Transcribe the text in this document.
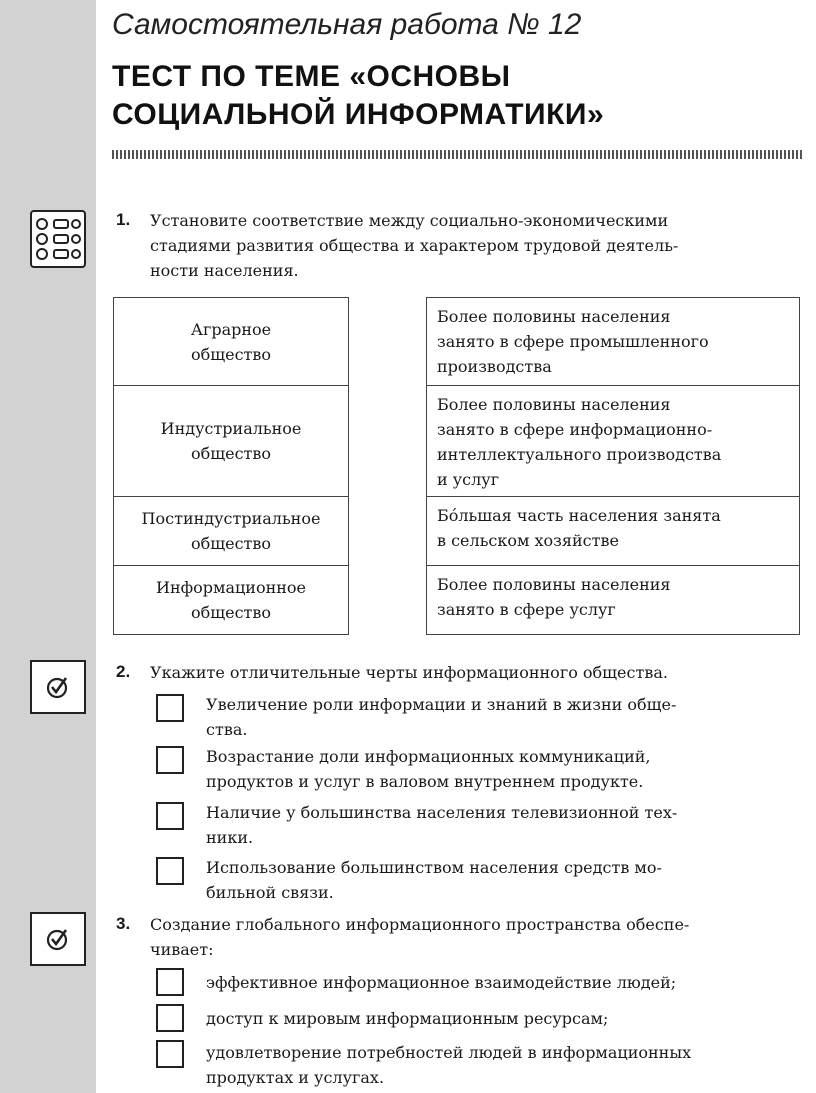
Самостоятельная работа № 12
ТЕСТ ПО ТЕМЕ «ОСНОВЫ
СОЦИАЛЬНОЙ ИНФОРМАТИКИ»
1. Установите соответствие между социально-экономическими
стадиями развития общества и характером трудовой деятель-
ности населения.
Аграрное
общество
Индустриальное
общество
Постиндустриальное
общество
Информационное
общество
Более половины населения
занято в сфере промышленного
производства
Более половины населения
занято в сфере информационно-
интеллектуального производства
и услуг
Бóльшая часть населения занята
в сельском хозяйстве
Более половины населения
занято в сфере услуг
2. Укажите отличительные черты информационного общества.
Увеличение роли информации и знаний в жизни обще-
ства.
Возрастание доли информационных коммуникаций,
продуктов и услуг в валовом внутреннем продукте.
Наличие у большинства населения телевизионной тех-
ники.
Использование большинством населения средств мо-
бильной связи.
3. Создание глобального информационного пространства обеспе-
чивает:
эффективное информационное взаимодействие людей;
доступ к мировым информационным ресурсам;
удовлетворение потребностей людей в информационных
продуктах и услугах.
